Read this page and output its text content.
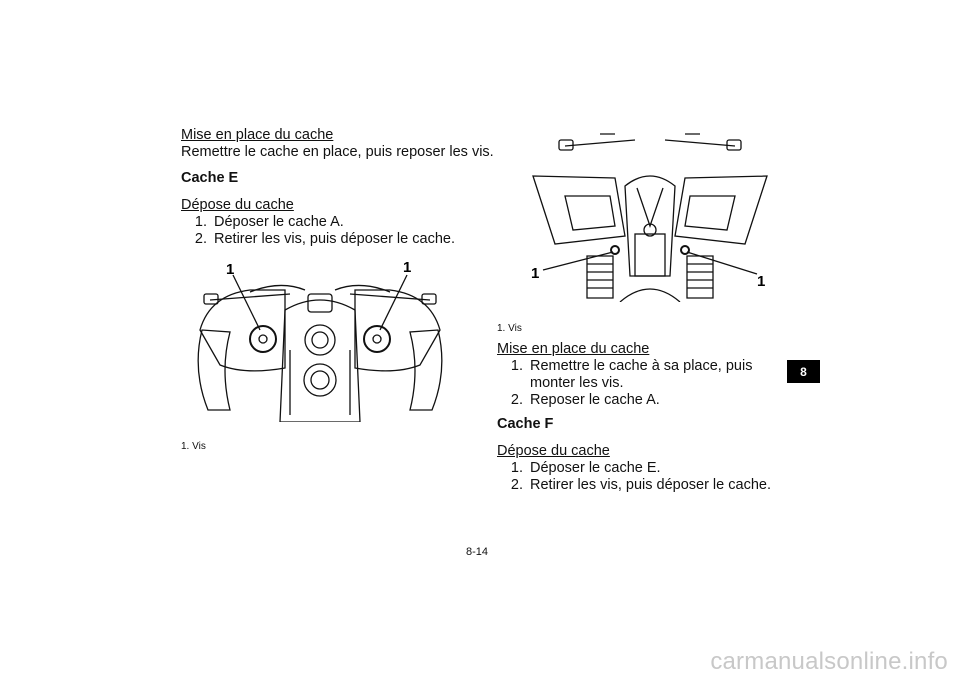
Mise en place du cache

Remettre le cache en place, puis reposer les vis.

Cache E

Dépose du cache

1. Déposer le cache A.
2. Retirer les vis, puis déposer le cache.
1	1

1. Vis

1	1

1. Vis

Mise en place du cache

1. Remettre le cache à sa place, puis monter les vis.
2. Reposer le cache A.

Cache F

Dépose du cache

1. Déposer le cache E.
2. Retirer les vis, puis déposer le cache.
8

8-14

carmanualsonline.info
